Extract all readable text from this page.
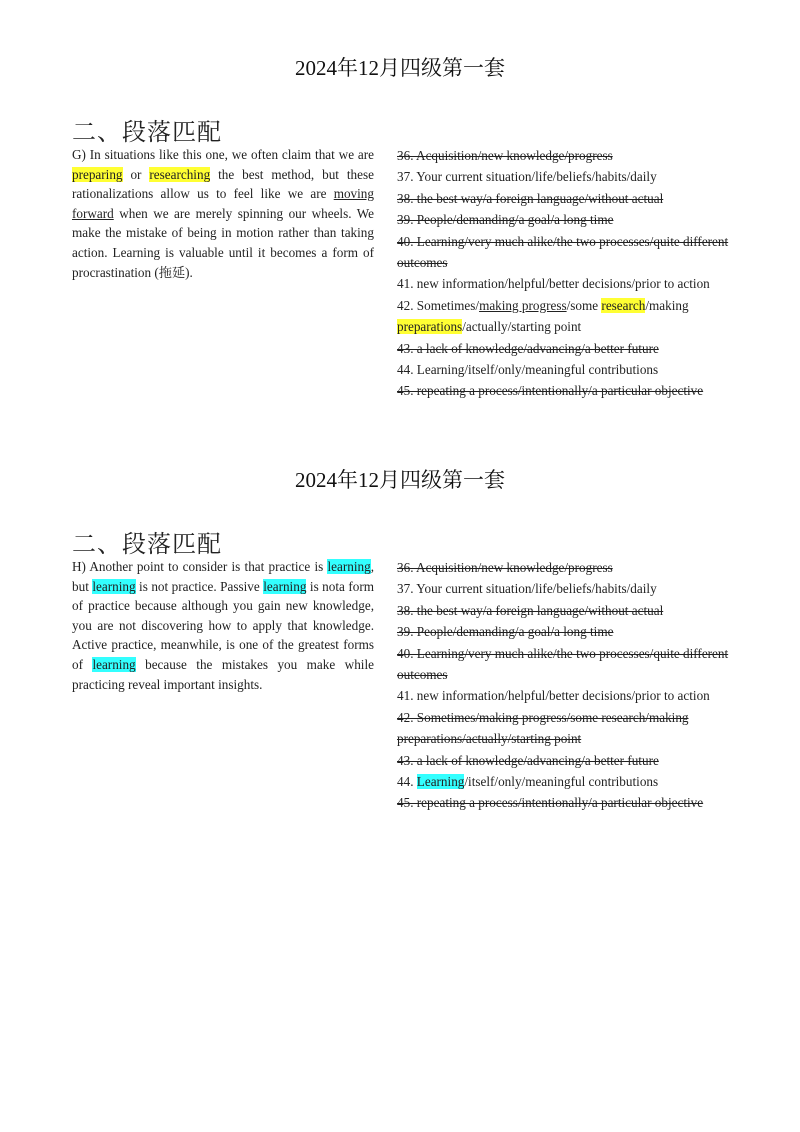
2024年12月四级第一套
二、段落匹配
G) In situations like this one, we often claim that we are preparing or researching the best method, but these rationalizations allow us to feel like we are moving forward when we are merely spinning our wheels. We make the mistake of being in motion rather than taking action. Learning is valuable until it becomes a form of procrastination (拖延).
36. Acquisition/new knowledge/progress
37. Your current situation/life/beliefs/habits/daily
38. the best way/a foreign language/without actual
39. People/demanding/a goal/a long time
40. Learning/very much alike/the two processes/quite different outcomes
41. new information/helpful/better decisions/prior to action
42. Sometimes/making progress/some research/making preparations/actually/starting point
43. a lack of knowledge/advancing/a better future
44. Learning/itself/only/meaningful contributions
45. repeating a process/intentionally/a particular objective
2024年12月四级第一套
二、段落匹配
H) Another point to consider is that practice is learning, but learning is not practice. Passive learning is nota form of practice because although you gain new knowledge, you are not discovering how to apply that knowledge. Active practice, meanwhile, is one of the greatest forms of learning because the mistakes you make while practicing reveal important insights.
36. Acquisition/new knowledge/progress
37. Your current situation/life/beliefs/habits/daily
38. the best way/a foreign language/without actual
39. People/demanding/a goal/a long time
40. Learning/very much alike/the two processes/quite different outcomes
41. new information/helpful/better decisions/prior to action
42. Sometimes/making progress/some research/making preparations/actually/starting point
43. a lack of knowledge/advancing/a better future
44. Learning/itself/only/meaningful contributions
45. repeating a process/intentionally/a particular objective
